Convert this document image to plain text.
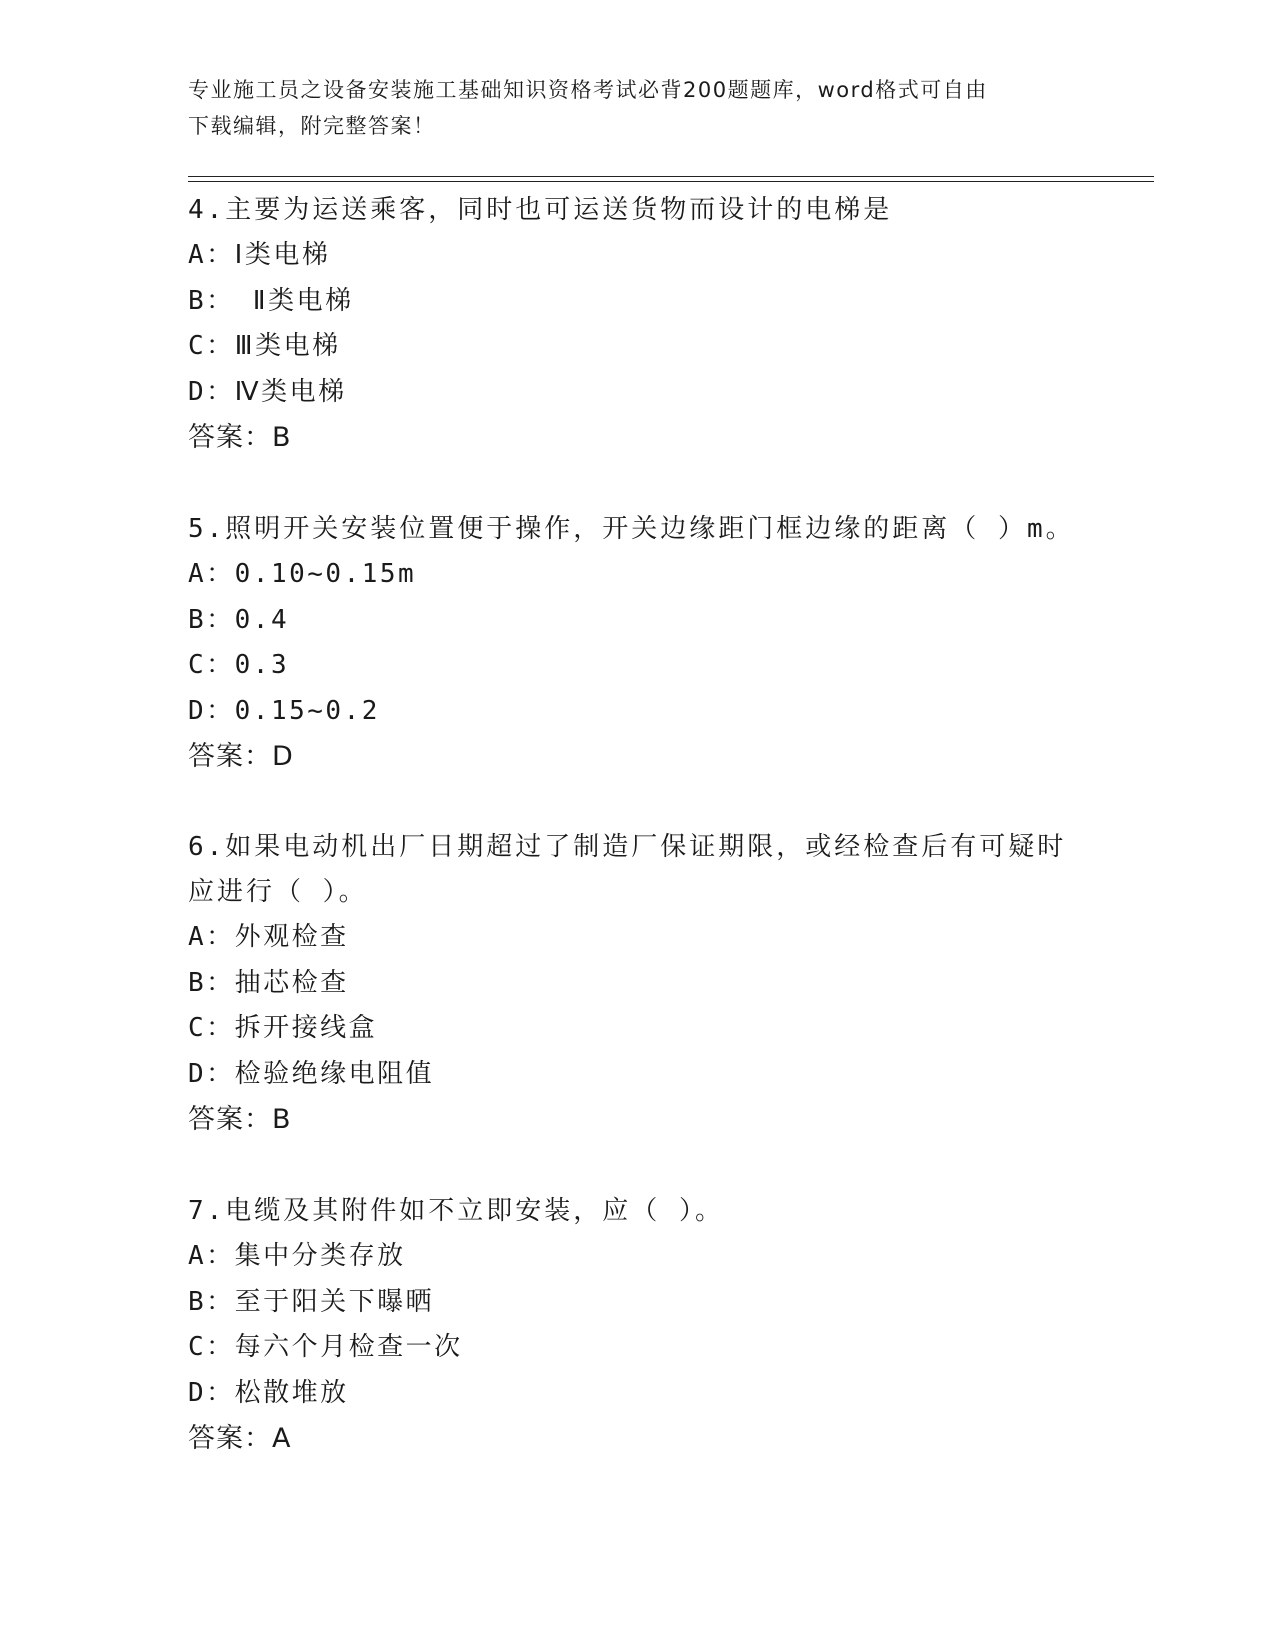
专业施工员之设备安装施工基础知识资格考试必背200题题库，word格式可自由
下载编辑，附完整答案！
4.主要为运送乘客，同时也可运送货物而设计的电梯是
A：Ⅰ类电梯
B： Ⅱ类电梯
C：Ⅲ类电梯
D：Ⅳ类电梯
答案：B
5.照明开关安装位置便于操作，开关边缘距门框边缘的距离（ ）m。
A：0.10~0.15m
B：0.4
C：0.3
D：0.15~0.2
答案：D
6.如果电动机出厂日期超过了制造厂保证期限，或经检查后有可疑时
应进行（ ）。
A：外观检查
B：抽芯检查
C：拆开接线盒
D：检验绝缘电阻值
答案：B
7.电缆及其附件如不立即安装，应（ ）。
A：集中分类存放
B：至于阳关下曝晒
C：每六个月检查一次
D：松散堆放
答案：A
